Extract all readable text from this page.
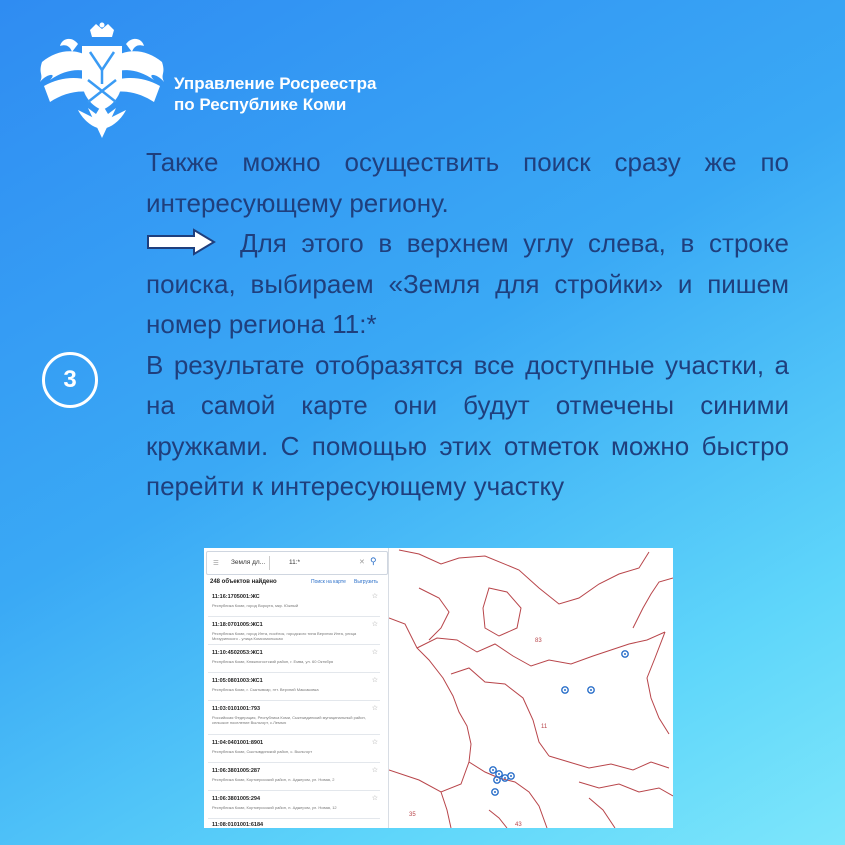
Управление Росреестра
по Республике Коми
3
Также можно осуществить поиск сразу же по интересующему региону.
Для этого в верхнем углу слева, в строке поиска, выбираем «Земля для стройки» и пишем номер региона 11:*
В результате отобразятся все доступные участки, а на самой карте они будут отмечены синими кружками. С помощью этих отметок можно быстро перейти к интересующему участку
☰ Земля дл...	11:*	✕ ⚲
248 объектов найдено	Поиск на карте Выгрузить
11:16:1705001:ЖС
Республика Коми, город Воркута, мкр. Южный
☆
11:18:0701005:ЖС1
Республика Коми, город Инта, посёлок, городского типа Верхняя Инта, улица Мичуринского - улица Комсомольская
☆
11:10:4502053:ЖС1
Республика Коми, Княжпогостский район, г. Емва, ул. 60 Октября
☆
11:05:0801003:ЖС1
Республика Коми, г. Сыктывкар, пгт. Верхний Максаковка
☆
11:03:0101001:793
Российская Федерация, Республика Коми, Сыктывдинский муниципальный район, сельское поселение Выльгорт, с.Лемъю
☆
11:04:0401001:8901
Республика Коми, Сыктывдинский район, с. Выльгорт
☆
11:06:3801005:287
Республика Коми, Корткеросский район, п. Аджером, ул. Новая, 2
☆
11:06:3801005:294
Республика Коми, Корткеросский район, п. Аджером, ул. Новая, 12
☆
11:08:0101001:6184
83
11
35
43
